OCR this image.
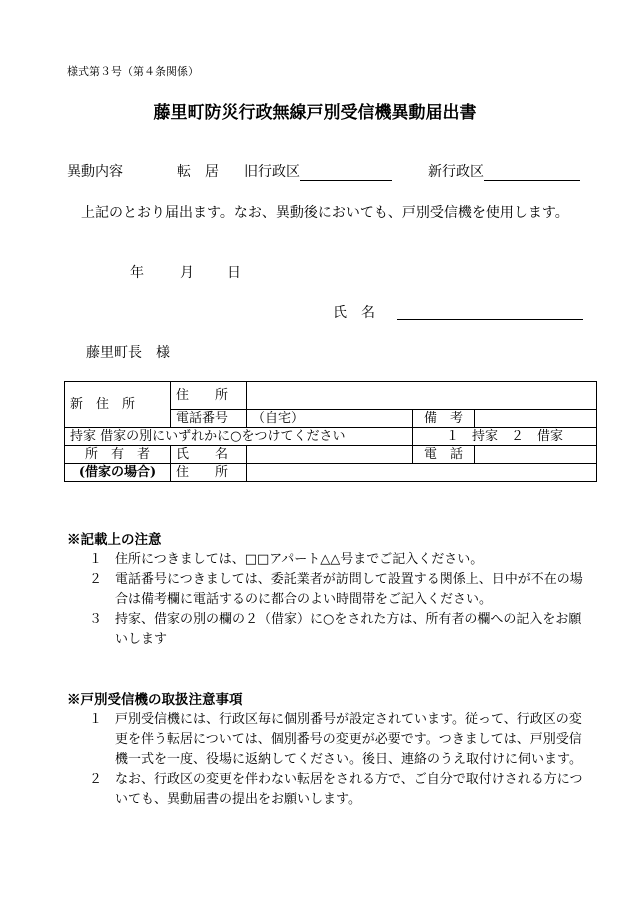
様式第３号（第４条関係）
藤里町防災行政無線戸別受信機異動届出書
異動内容	転　居 旧行政区	新行政区
上記のとおり届出ます。なお、異動後においても、戸別受信機を使用します。
年	月 日
氏　名
藤里町長　様
新　住　所	住　　所			
	電話番号	（自宅）	備　考	
持家 借家の別にいずれかに○をつけてください			１　持家　２　借家	
所　有　者	氏　　名		電　話	
(借家の場合)	住　　所			
※記載上の注意
１ 住所につきましては、□□アパート△△号までご記入ください。
２ 電話番号につきましては、委託業者が訪問して設置する関係上、日中が不在の場合は備考欄に電話するのに都合のよい時間帯をご記入ください。
３ 持家、借家の別の欄の２（借家）に○をされた方は、所有者の欄への記入をお願いします
※戸別受信機の取扱注意事項
１ 戸別受信機には、行政区毎に個別番号が設定されています。従って、行政区の変更を伴う転居については、個別番号の変更が必要です。つきましては、戸別受信機一式を一度、役場に返納してください。後日、連絡のうえ取付けに伺います。
２ なお、行政区の変更を伴わない転居をされる方で、ご自分で取付けされる方についても、異動届書の提出をお願いします。
